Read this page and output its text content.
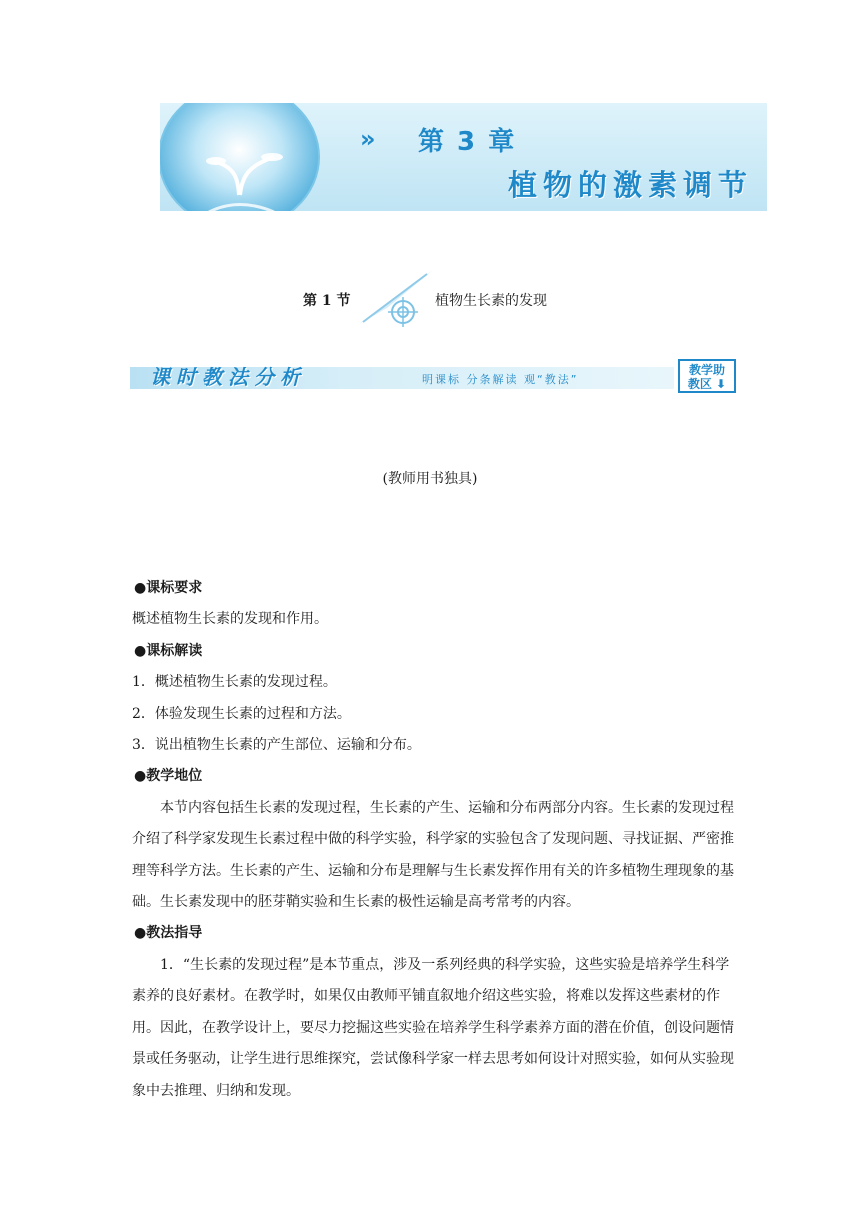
» 第 3 章
植物的激素调节
第 1 节	植物生长素的发现
课时教法分析	明课标 分条解读 观“教法”
教学助
教区 ⬇
(教师用书独具)

●课标要求

概述植物生长素的发现和作用。

●课标解读

1．概述植物生长素的发现过程。

2．体验发现生长素的过程和方法。

3．说出植物生长素的产生部位、运输和分布。

●教学地位

本节内容包括生长素的发现过程，生长素的产生、运输和分布两部分内容。生长素的发现过程介绍了科学家发现生长素过程中做的科学实验，科学家的实验包含了发现问题、寻找证据、严密推理等科学方法。生长素的产生、运输和分布是理解与生长素发挥作用有关的许多植物生理现象的基础。生长素发现中的胚芽鞘实验和生长素的极性运输是高考常考的内容。

●教法指导

1．“生长素的发现过程”是本节重点，涉及一系列经典的科学实验，这些实验是培养学生科学素养的良好素材。在教学时，如果仅由教师平铺直叙地介绍这些实验，将难以发挥这些素材的作用。因此，在教学设计上，要尽力挖掘这些实验在培养学生科学素养方面的潜在价值，创设问题情景或任务驱动，让学生进行思维探究，尝试像科学家一样去思考如何设计对照实验，如何从实验现象中去推理、归纳和发现。
